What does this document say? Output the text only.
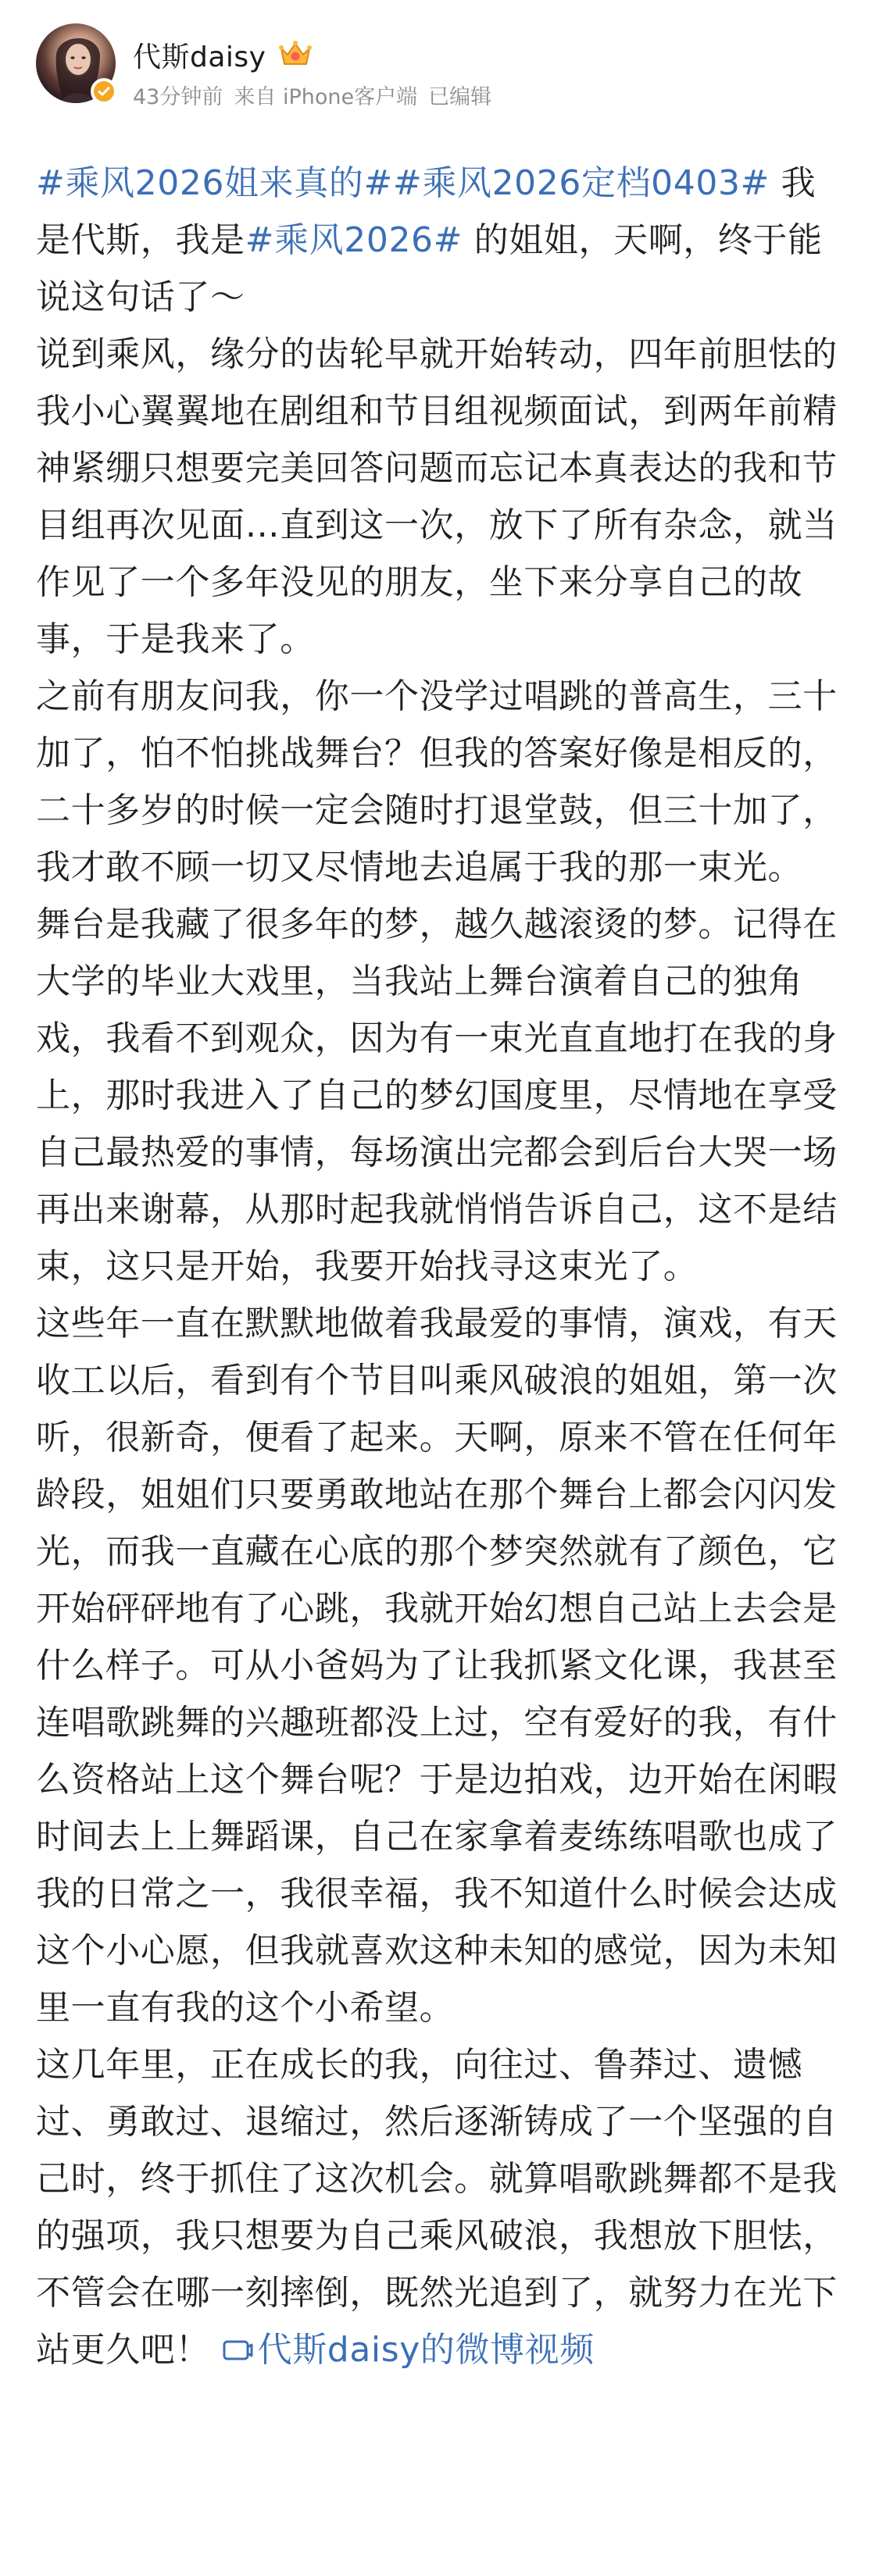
代斯daisy
43分钟前 来自 iPhone客户端 已编辑

#乘风2026姐来真的##乘风2026定档0403# 我是代斯，我是#乘风2026# 的姐姐，天啊，终于能说这句话了～

说到乘风，缘分的齿轮早就开始转动，四年前胆怯的我小心翼翼地在剧组和节目组视频面试，到两年前精神紧绷只想要完美回答问题而忘记本真表达的我和节目组再次见面…直到这一次，放下了所有杂念，就当作见了一个多年没见的朋友，坐下来分享自己的故事，于是我来了。

之前有朋友问我，你一个没学过唱跳的普高生，三十加了，怕不怕挑战舞台？但我的答案好像是相反的，二十多岁的时候一定会随时打退堂鼓，但三十加了，我才敢不顾一切又尽情地去追属于我的那一束光。

舞台是我藏了很多年的梦，越久越滚烫的梦。记得在大学的毕业大戏里，当我站上舞台演着自己的独角戏，我看不到观众，因为有一束光直直地打在我的身上，那时我进入了自己的梦幻国度里，尽情地在享受自己最热爱的事情，每场演出完都会到后台大哭一场再出来谢幕，从那时起我就悄悄告诉自己，这不是结束，这只是开始，我要开始找寻这束光了。

这些年一直在默默地做着我最爱的事情，演戏，有天收工以后，看到有个节目叫乘风破浪的姐姐，第一次听，很新奇，便看了起来。天啊，原来不管在任何年龄段，姐姐们只要勇敢地站在那个舞台上都会闪闪发光，而我一直藏在心底的那个梦突然就有了颜色，它开始砰砰地有了心跳，我就开始幻想自己站上去会是什么样子。可从小爸妈为了让我抓紧文化课，我甚至连唱歌跳舞的兴趣班都没上过，空有爱好的我，有什么资格站上这个舞台呢？于是边拍戏，边开始在闲暇时间去上上舞蹈课，自己在家拿着麦练练唱歌也成了我的日常之一，我很幸福，我不知道什么时候会达成这个小心愿，但我就喜欢这种未知的感觉，因为未知里一直有我的这个小希望。

这几年里，正在成长的我，向往过、鲁莽过、遗憾过、勇敢过、退缩过，然后逐渐铸成了一个坚强的自己时，终于抓住了这次机会。就算唱歌跳舞都不是我的强项，我只想要为自己乘风破浪，我想放下胆怯，不管会在哪一刻摔倒，既然光追到了，就努力在光下站更久吧！ 代斯daisy的微博视频
